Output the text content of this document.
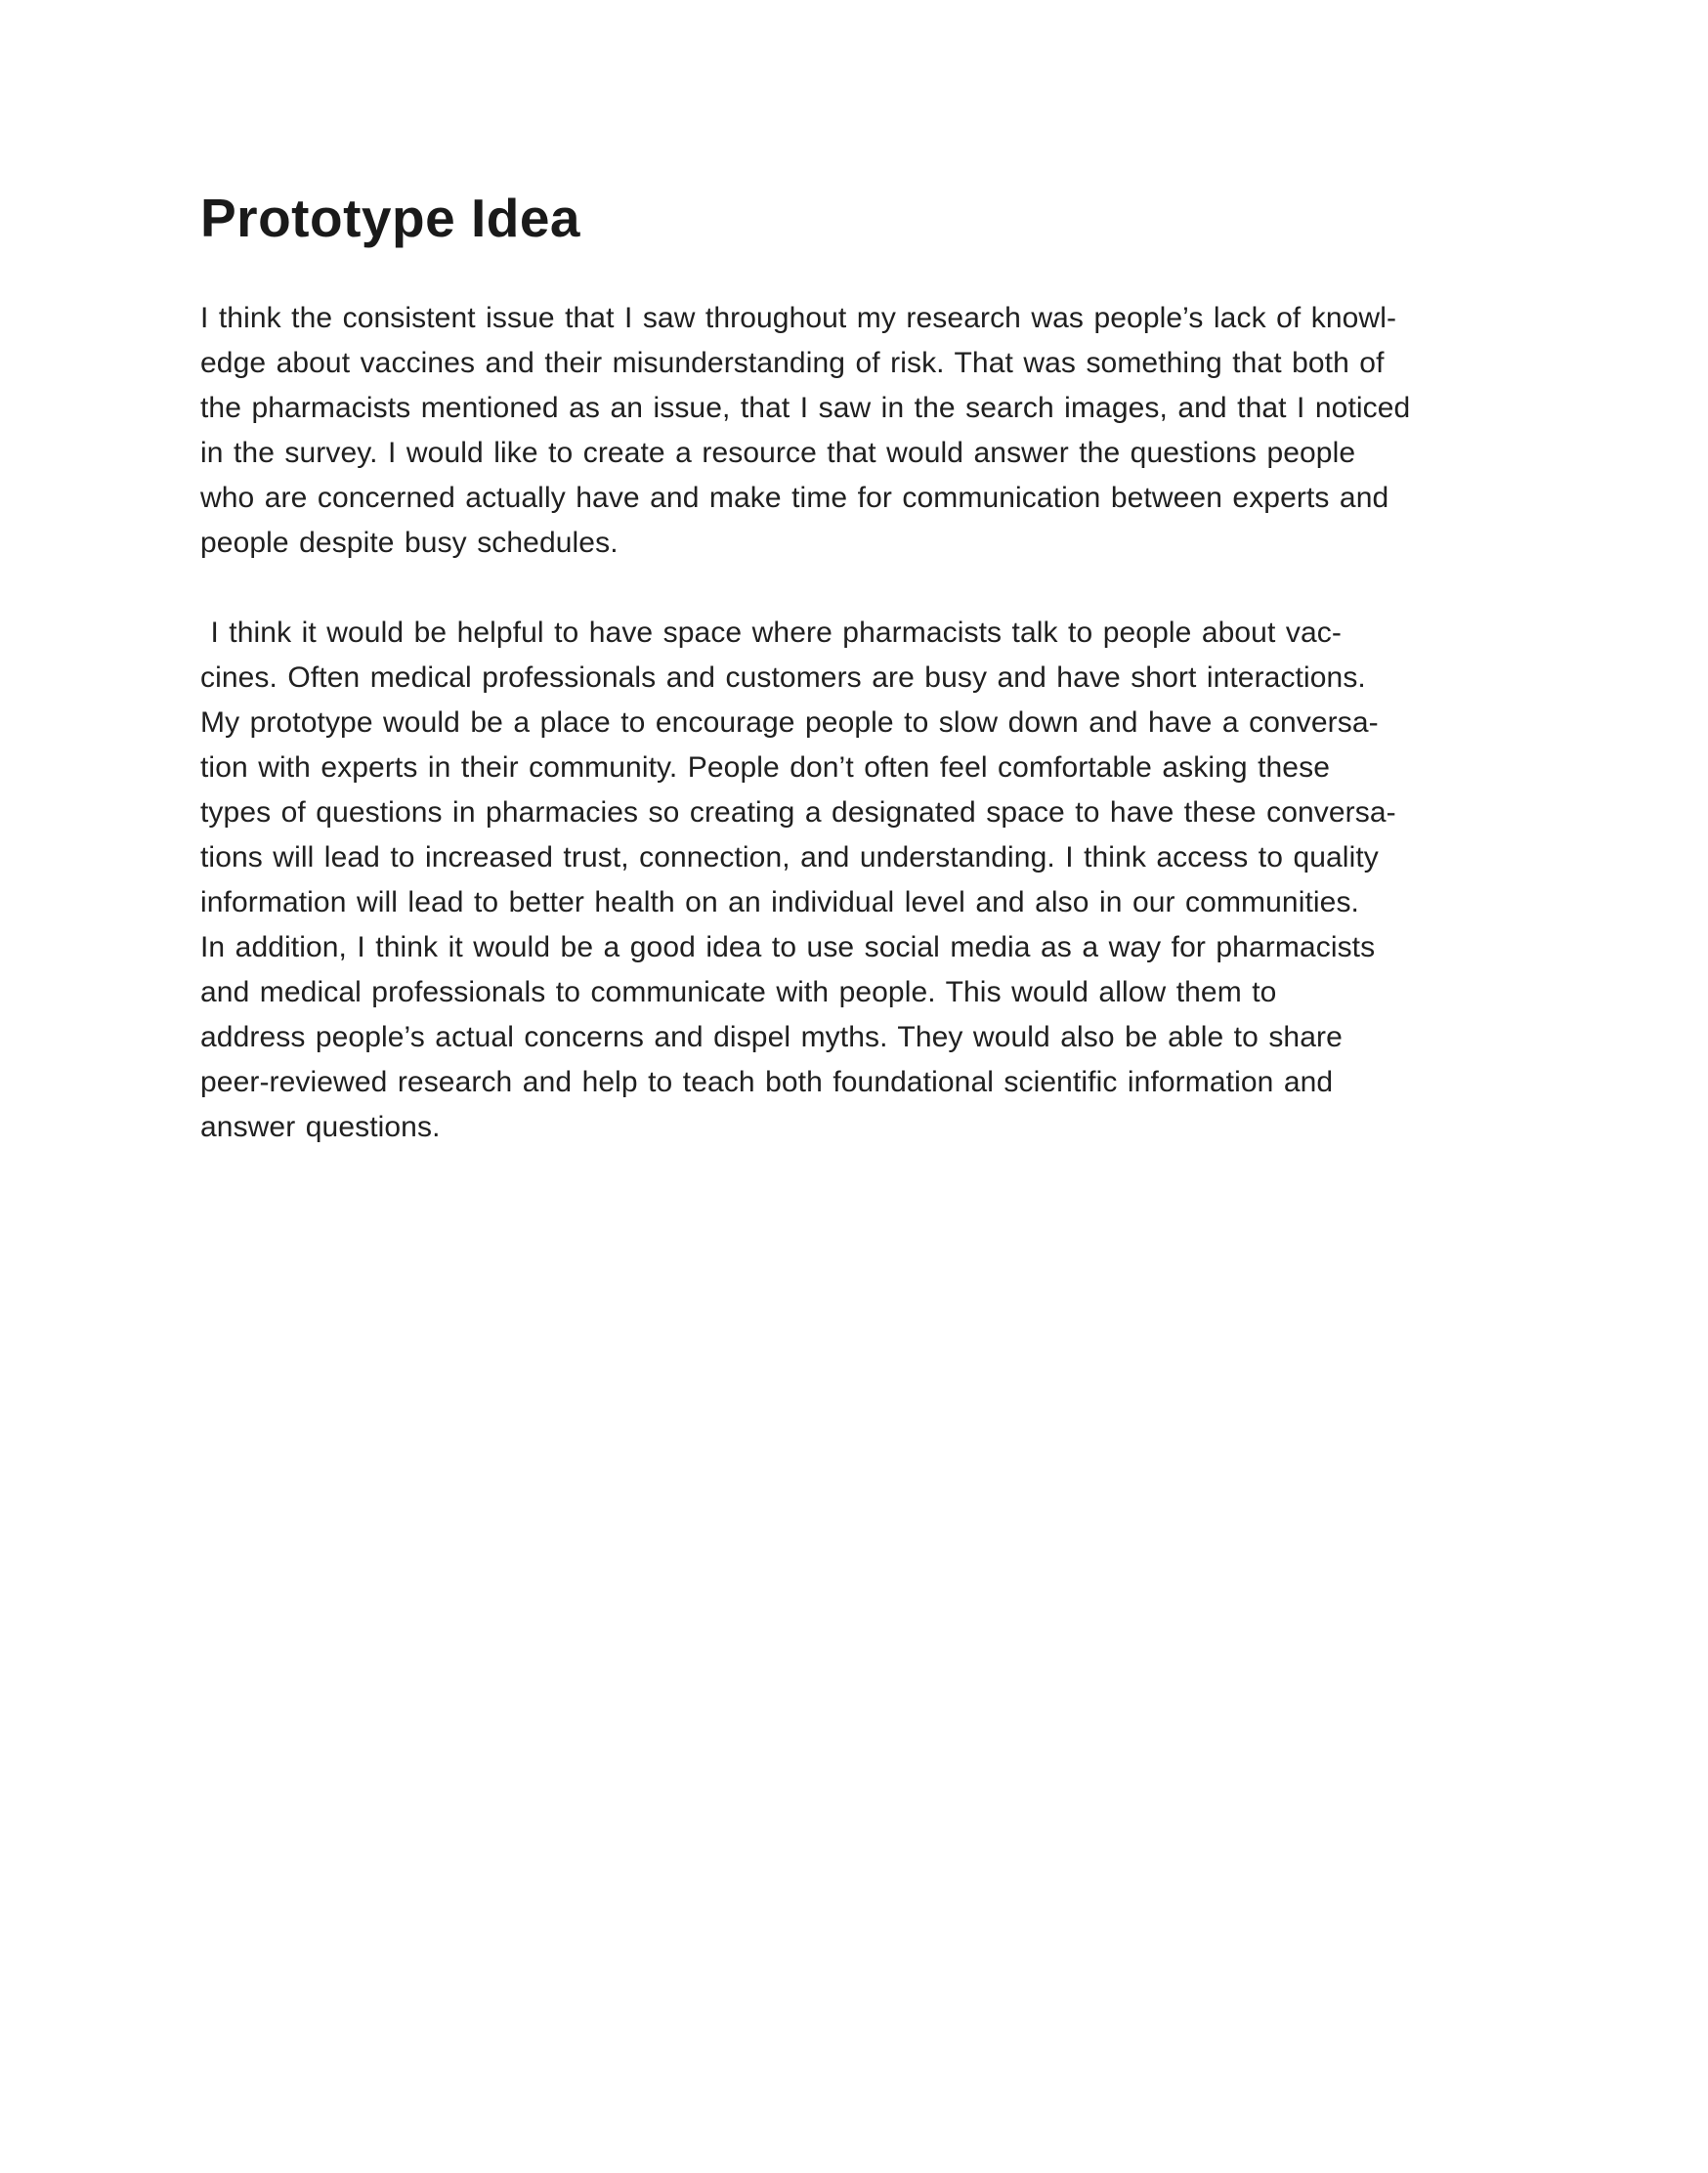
Prototype Idea
I think the consistent issue that I saw throughout my research was people’s lack of knowl-
edge about vaccines and their misunderstanding of risk. That was something that both of
the pharmacists mentioned as an issue, that I saw in the search images, and that I noticed
in the survey. I would like to create a resource that would answer the questions people
who are concerned actually have and make time for communication between experts and
people despite busy schedules.
I think it would be helpful to have space where pharmacists talk to people about vac-
cines. Often medical professionals and customers are busy and have short interactions.
My prototype would be a place to encourage people to slow down and have a conversa-
tion with experts in their community. People don’t often feel comfortable asking these
types of questions in pharmacies so creating a designated space to have these conversa-
tions will lead to increased trust, connection, and understanding. I think access to quality
information will lead to better health on an individual level and also in our communities.
In addition, I think it would be a good idea to use social media as a way for pharmacists
and medical professionals to communicate with people. This would allow them to
address people’s actual concerns and dispel myths. They would also be able to share
peer-reviewed research and help to teach both foundational scientific information and
answer questions.
